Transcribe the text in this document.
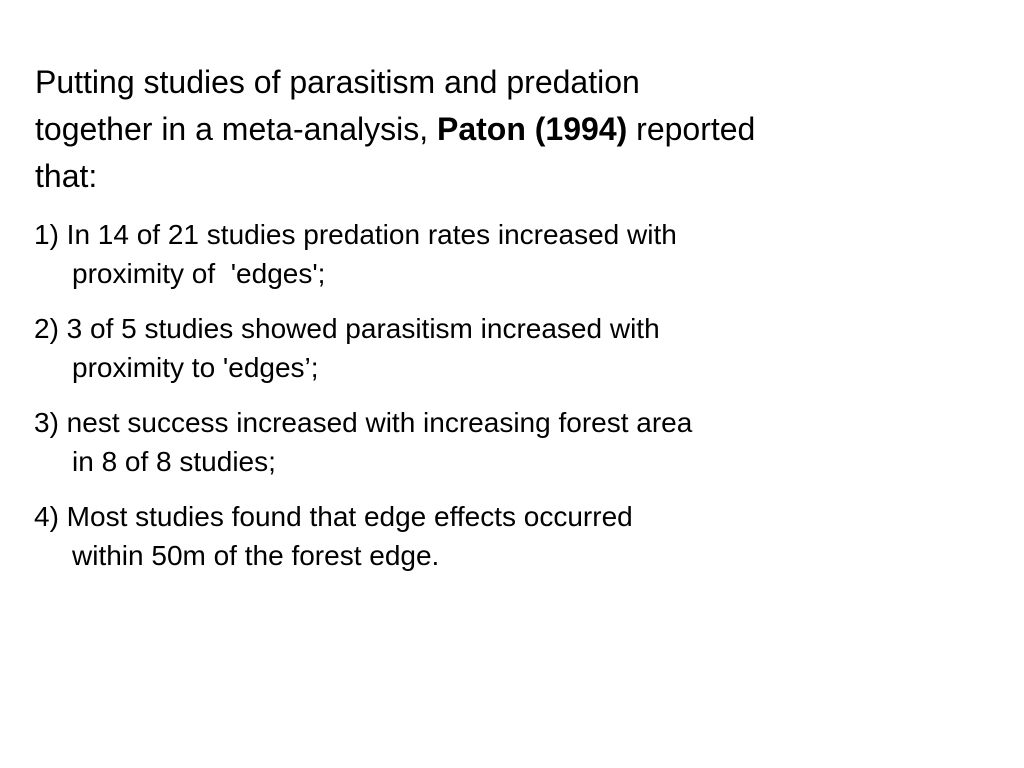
Putting studies of parasitism and predation
together in a meta-analysis, Paton (1994) reported
that:

1) In 14 of 21 studies predation rates increased with
proximity of  'edges';
2) 3 of 5 studies showed parasitism increased with
proximity to 'edges’;
3) nest success increased with increasing forest area
in 8 of 8 studies;
4) Most studies found that edge effects occurred
within 50m of the forest edge.
